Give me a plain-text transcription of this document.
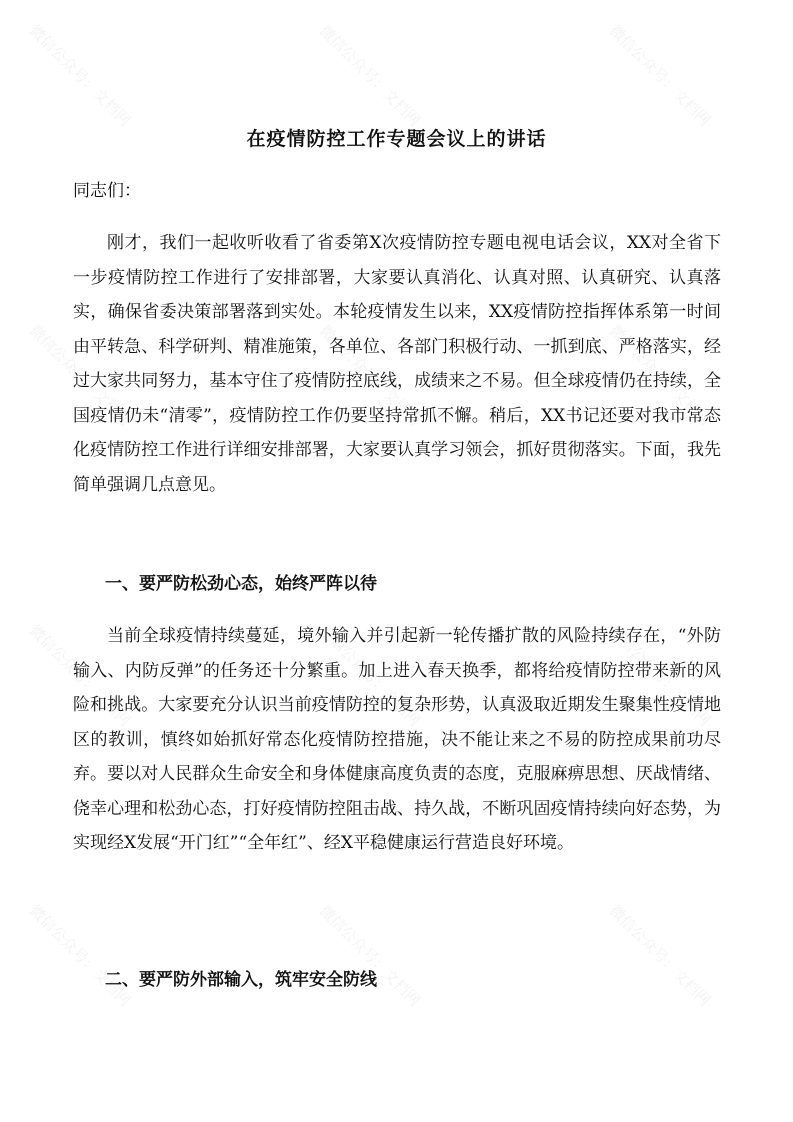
微信公众号：文档网	微信公众号：文档网	微信公众号：文档网
微信公众号：文档网	微信公众号：文档网	微信公众号：文档网
微信公众号：文档网	微信公众号：文档网	微信公众号：文档网
微信公众号：文档网	微信公众号：文档网	微信公众号：文档网
在疫情防控工作专题会议上的讲话

同志们：

刚才，我们一起收听收看了省委第X次疫情防控专题电视电话会议，XX对全省下一步疫情防控工作进行了安排部署，大家要认真消化、认真对照、认真研究、认真落实，确保省委决策部署落到实处。本轮疫情发生以来，XX疫情防控指挥体系第一时间由平转急、科学研判、精准施策，各单位、各部门积极行动、一抓到底、严格落实，经过大家共同努力，基本守住了疫情防控底线，成绩来之不易。但全球疫情仍在持续，全国疫情仍未“清零”，疫情防控工作仍要坚持常抓不懈。稍后，XX书记还要对我市常态化疫情防控工作进行详细安排部署，大家要认真学习领会，抓好贯彻落实。下面，我先简单强调几点意见。

一、要严防松劲心态，始终严阵以待

当前全球疫情持续蔓延，境外输入并引起新一轮传播扩散的风险持续存在，“外防输入、内防反弹”的任务还十分繁重。加上进入春天换季，都将给疫情防控带来新的风险和挑战。大家要充分认识当前疫情防控的复杂形势，认真汲取近期发生聚集性疫情地区的教训，慎终如始抓好常态化疫情防控措施，决不能让来之不易的防控成果前功尽弃。要以对人民群众生命安全和身体健康高度负责的态度，克服麻痹思想、厌战情绪、侥幸心理和松劲心态，打好疫情防控阻击战、持久战，不断巩固疫情持续向好态势，为实现经X发展“开门红”“全年红”、经X平稳健康运行营造良好环境。

二、要严防外部输入，筑牢安全防线
